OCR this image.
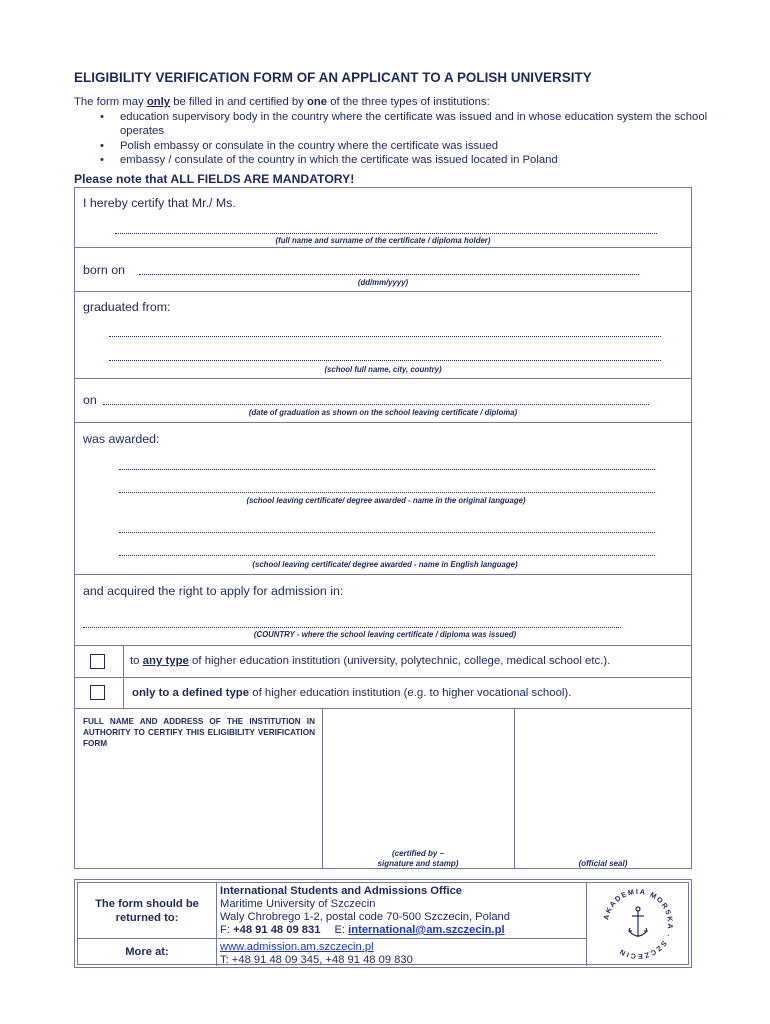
ELIGIBILITY VERIFICATION FORM OF AN APPLICANT TO A POLISH UNIVERSITY
The form may only be filled in and certified by one of the three types of institutions:
• education supervisory body in the country where the certificate was issued and in whose education system the school operates
• Polish embassy or consulate in the country where the certificate was issued
• embassy / consulate of the country in which the certificate was issued located in Poland
Please note that ALL FIELDS ARE MANDATORY!
I hereby certify that Mr./ Ms.
(full name and surname of the certificate / diploma holder)
born on
(dd/mm/yyyy)
graduated from:
(school full name, city, country)
on
(date of graduation as shown on the school leaving certificate / diploma)
was awarded:
(school leaving certificate/ degree awarded - name in the original language)
(school leaving certificate/ degree awarded - name in English language)
and acquired the right to apply for admission in:
(COUNTRY - where the school leaving certificate / diploma was issued)
to any type of higher education institution (university, polytechnic, college, medical school etc.).
only to a defined type of higher education institution (e.g. to higher vocational school).
FULL NAME AND ADDRESS OF THE INSTITUTION IN AUTHORITY TO CERTIFY THIS ELIGIBILITY VERIFICATION FORM
(certified by –
signature and stamp)	(official seal)
The form should be returned to:
More at:
International Students and Admissions Office
Maritime University of Szczecin
Waly Chrobrego 1-2, postal code 70-500 Szczecin, Poland
F: +48 91 48 09 831 E: international@am.szczecin.pl
www.admission.am.szczecin.pl
T: +48 91 48 09 345, +48 91 48 09 830
AKADEMIA MORSKA · SZCZECIN
